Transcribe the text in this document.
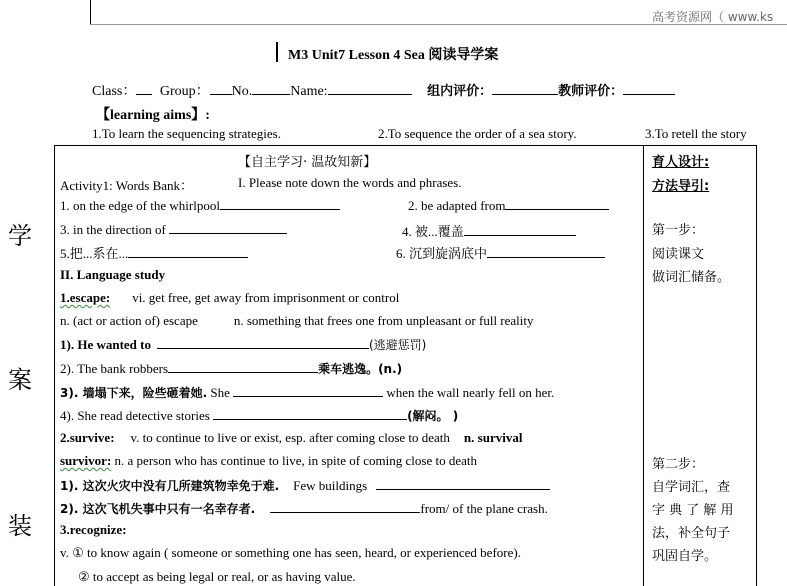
高考资源网（ www.ks
M3 Unit7 Lesson 4 Sea 阅读导学案
Class： Group： No.	Name:	组内评价：	教师评价：
【learning aims】:
1.To learn the sequencing strategies.	2.To sequence the order of a sea story.	3.To retell the story
学
案
装
【自主学习· 温故知新】
Activity1: Words Bank：	I. Please note down the words and phrases.
1. on the edge of the whirlpool	2. be adapted from
3. in the direction of	4. 被...覆盖
5.把...系在...	6. 沉到旋涡底中
II. Language study
1.escape: vi. get free, get away from imprisonment or control
n. (act or action of) escape	n. something that frees one from unpleasant or full reality
1). He wanted to	(逃避惩罚)
2). The bank robbers	乘车逃逸。(n.)
3). 墙塌下来，险些砸着她. She	when the wall nearly fell on her.
4). She read detective stories	(解闷。 )
2.survive: v. to continue to live or exist, esp. after coming close to death n. survival
survivor: n. a person who has continue to live, in spite of coming close to death
1). 这次火灾中没有几所建筑物幸免于难. Few buildings
2). 这次飞机失事中只有一名幸存者.	from/ of the plane crash.
3.recognize:
v. ① to know again ( someone or something one has seen, heard, or experienced before).
② to accept as being legal or real, or as having value.
育人设计:
方法导引:
第一步：
阅读课文
做词汇储备。
第二步：
自学词汇，查
字 典 了 解 用
法，补全句子
巩固自学。
